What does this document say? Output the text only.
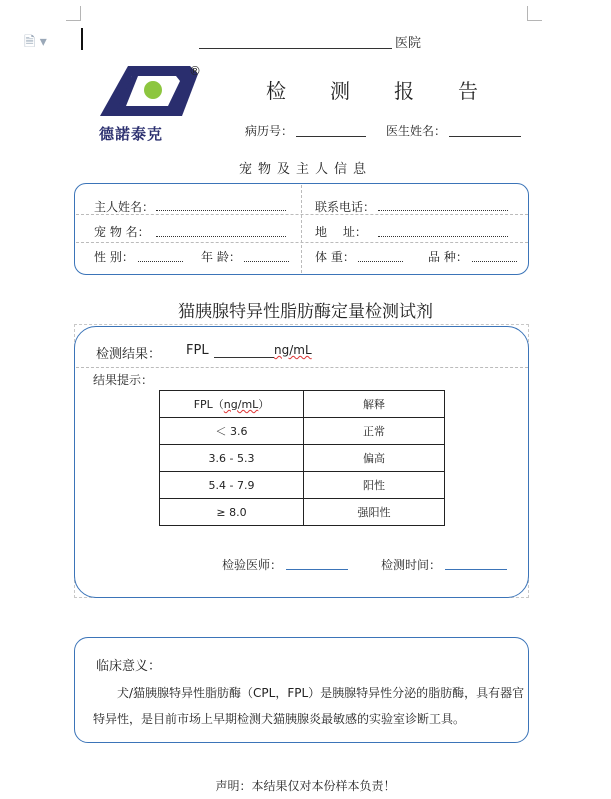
🗎 ▾	医院
®
德諾泰克
检测报告
病历号：	医生姓名：
宠物及主人信息
主人姓名：	联系电话：
宠 物 名：	地　 址：
性 别：	年 龄：	体 重：	品 种：
猫胰腺特异性脂肪酶定量检测试剂
检测结果： FPL	ng/mL
结果提示：
FPL（ng/mL）	解释
＜ 3.6	正常
3.6 - 5.3	偏高
5.4 - 7.9	阳性
≥ 8.0	强阳性
检验医师：	检测时间：
临床意义：
犬/猫胰腺特异性脂肪酶（CPL，FPL）是胰腺特异性分泌的脂肪酶，具有器官特异性，是目前市场上早期检测犬猫胰腺炎最敏感的实验室诊断工具。
声明：本结果仅对本份样本负责！
